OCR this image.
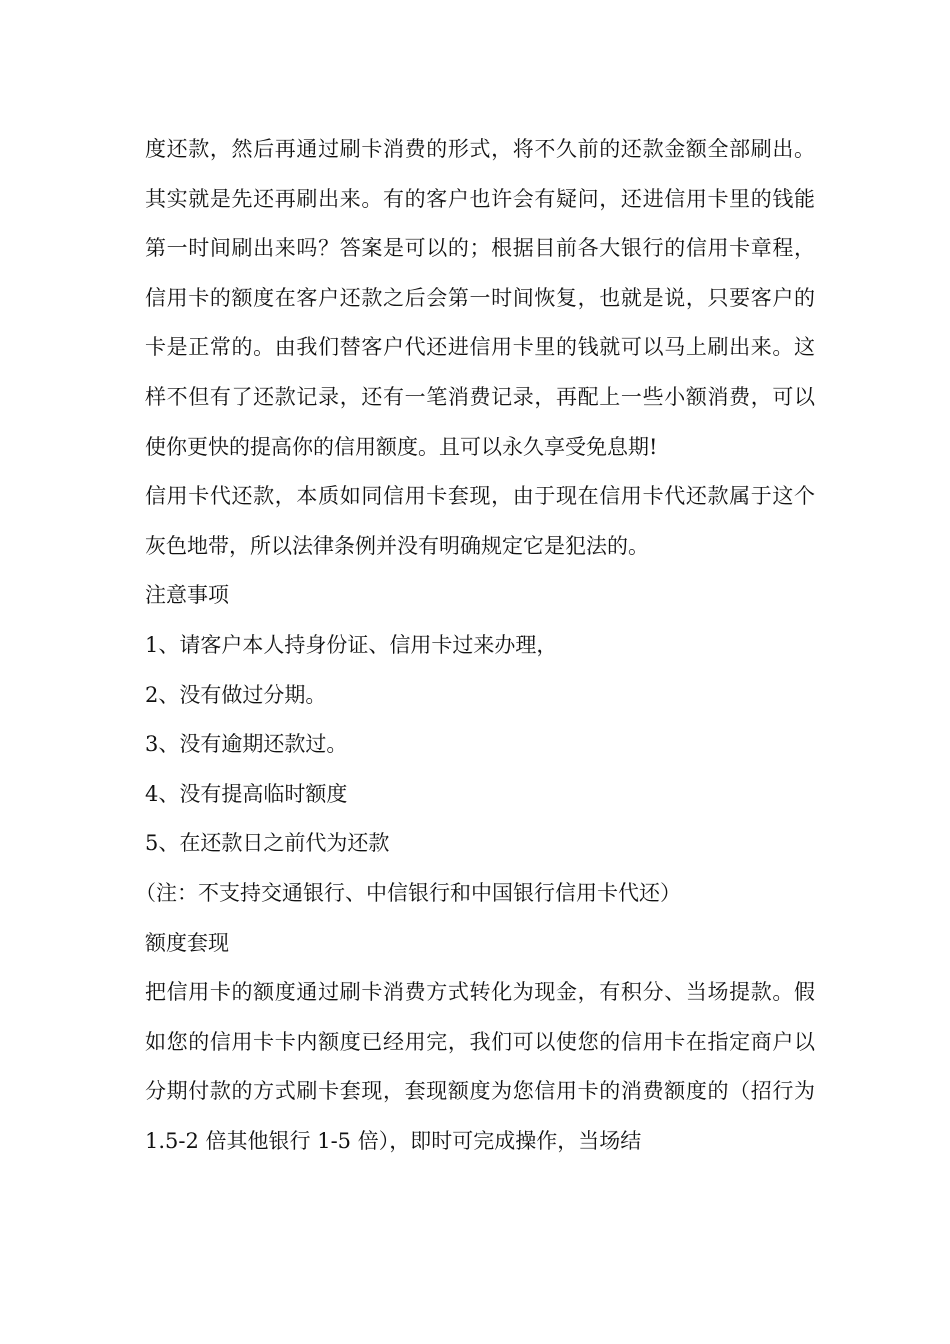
度还款，然后再通过刷卡消费的形式，将不久前的还款金额全部刷出。其实就是先还再刷出来。有的客户也许会有疑问，还进信用卡里的钱能第一时间刷出来吗？答案是可以的；根据目前各大银行的信用卡章程，信用卡的额度在客户还款之后会第一时间恢复，也就是说，只要客户的卡是正常的。由我们替客户代还进信用卡里的钱就可以马上刷出来。这样不但有了还款记录，还有一笔消费记录，再配上一些小额消费，可以使你更快的提高你的信用额度。且可以永久享受免息期!

信用卡代还款，本质如同信用卡套现，由于现在信用卡代还款属于这个灰色地带，所以法律条例并没有明确规定它是犯法的。

注意事项

1、请客户本人持身份证、信用卡过来办理，

2、没有做过分期。

3、没有逾期还款过。

4、没有提高临时额度

5、在还款日之前代为还款

（注：不支持交通银行、中信银行和中国银行信用卡代还）

额度套现

把信用卡的额度通过刷卡消费方式转化为现金，有积分、当场提款。假如您的信用卡卡内额度已经用完，我们可以使您的信用卡在指定商户以分期付款的方式刷卡套现，套现额度为您信用卡的消费额度的（招行为 1.5-2 倍其他银行 1-5 倍），即时可完成操作，当场结
